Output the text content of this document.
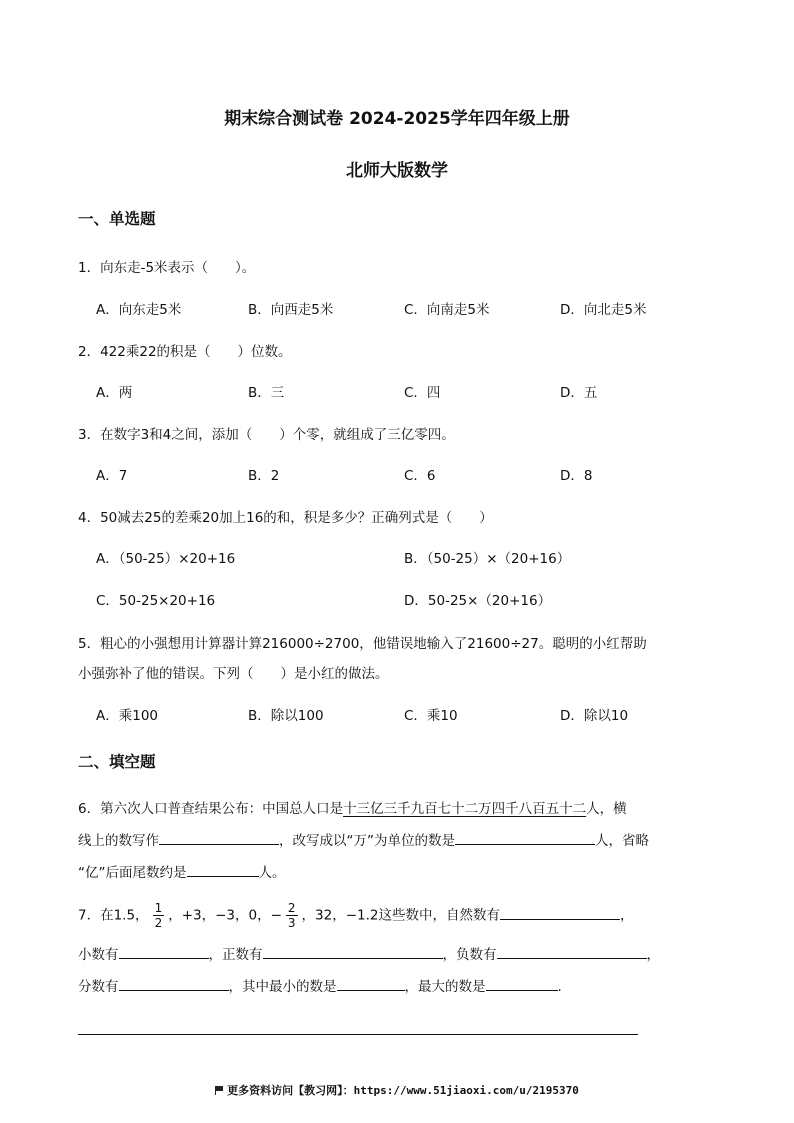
期末综合测试卷 2024-2025学年四年级上册
北师大版数学
一、单选题
1．向东走-5米表示（　　）。
A．向东走5米	B．向西走5米	C．向南走5米	D．向北走5米
2．422乘22的积是（　　）位数。
A．两	B．三	C．四	D．五
3．在数字3和4之间，添加（　　）个零，就组成了三亿零四。
A．7	B．2	C．6	D．8
4．50减去25的差乘20加上16的和，积是多少？正确列式是（　　）
A．（50-25）×20+16	B．（50-25）×（20+16）
C．50-25×20+16	D．50-25×（20+16）
5．粗心的小强想用计算器计算216000÷2700，他错误地输入了21600÷27。聪明的小红帮助
小强弥补了他的错误。下列（　　）是小红的做法。
A．乘100	B．除以100	C．乘10	D．除以10
二、填空题
6．第六次人口普查结果公布：中国总人口是十三亿三千九百七十二万四千八百五十二人，横
线上的数写作	，改写成以“万”为单位的数是	人，省略
“亿”后面尾数约是	人。
7．在1.5， $\frac{1}{2}$ ，+3，−3，0，− $\frac{2}{3}$ ，32，−1.2这些数中，自然数有	，
小数有	，正数有	，负数有	，
分数有	，其中最小的数是	，最大的数是	.
更多资料访问【教习网】：https://www.51jiaoxi.com/u/2195370
